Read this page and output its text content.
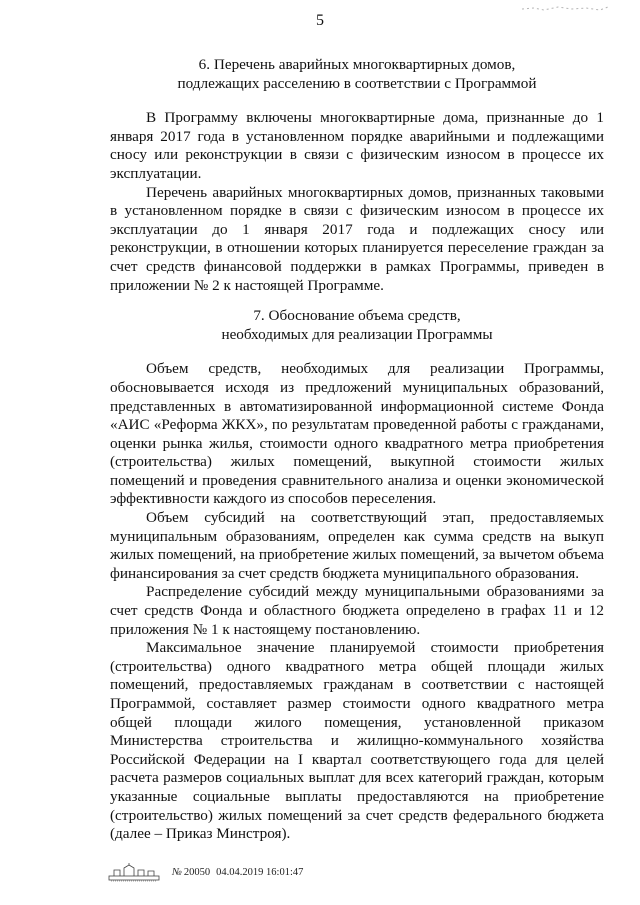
5
6. Перечень аварийных многоквартирных домов,
подлежащих расселению в соответствии с Программой

В Программу включены многоквартирные дома, признанные до 1 января 2017 года в установленном порядке аварийными и подлежащими сносу или реконструкции в связи с физическим износом в процессе их эксплуатации.

Перечень аварийных многоквартирных домов, признанных таковыми в установленном порядке в связи с физическим износом в процессе их эксплуатации до 1 января 2017 года и подлежащих сносу или реконструкции, в отношении которых планируется переселение граждан за счет средств финансовой поддержки в рамках Программы, приведен в приложении № 2 к настоящей Программе.

7. Обоснование объема средств,
необходимых для реализации Программы

Объем средств, необходимых для реализации Программы, обосновывается исходя из предложений муниципальных образований, представленных в автоматизированной информационной системе Фонда «АИС «Реформа ЖКХ», по результатам проведенной работы с гражданами, оценки рынка жилья, стоимости одного квадратного метра приобретения (строительства) жилых помещений, выкупной стоимости жилых помещений и проведения сравнительного анализа и оценки экономической эффективности каждого из способов переселения.

Объем субсидий на соответствующий этап, предоставляемых муниципальным образованиям, определен как сумма средств на выкуп жилых помещений, на приобретение жилых помещений, за вычетом объема финансирования за счет средств бюджета муниципального образования.

Распределение субсидий между муниципальными образованиями за счет средств Фонда и областного бюджета определено в графах 11 и 12 приложения № 1 к настоящему постановлению.

Максимальное значение планируемой стоимости приобретения (строительства) одного квадратного метра общей площади жилых помещений, предоставляемых гражданам в соответствии с настоящей Программой, составляет размер стоимости одного квадратного метра общей площади жилого помещения, установленной приказом Министерства строительства и жилищно-коммунального хозяйства Российской Федерации на I квартал соответствующего года для целей расчета размеров социальных выплат для всех категорий граждан, которым указанные социальные выплаты предоставляются на приобретение (строительство) жилых помещений за счет средств федерального бюджета (далее – Приказ Минстроя).

№ 20050 04.04.2019 16:01:47
